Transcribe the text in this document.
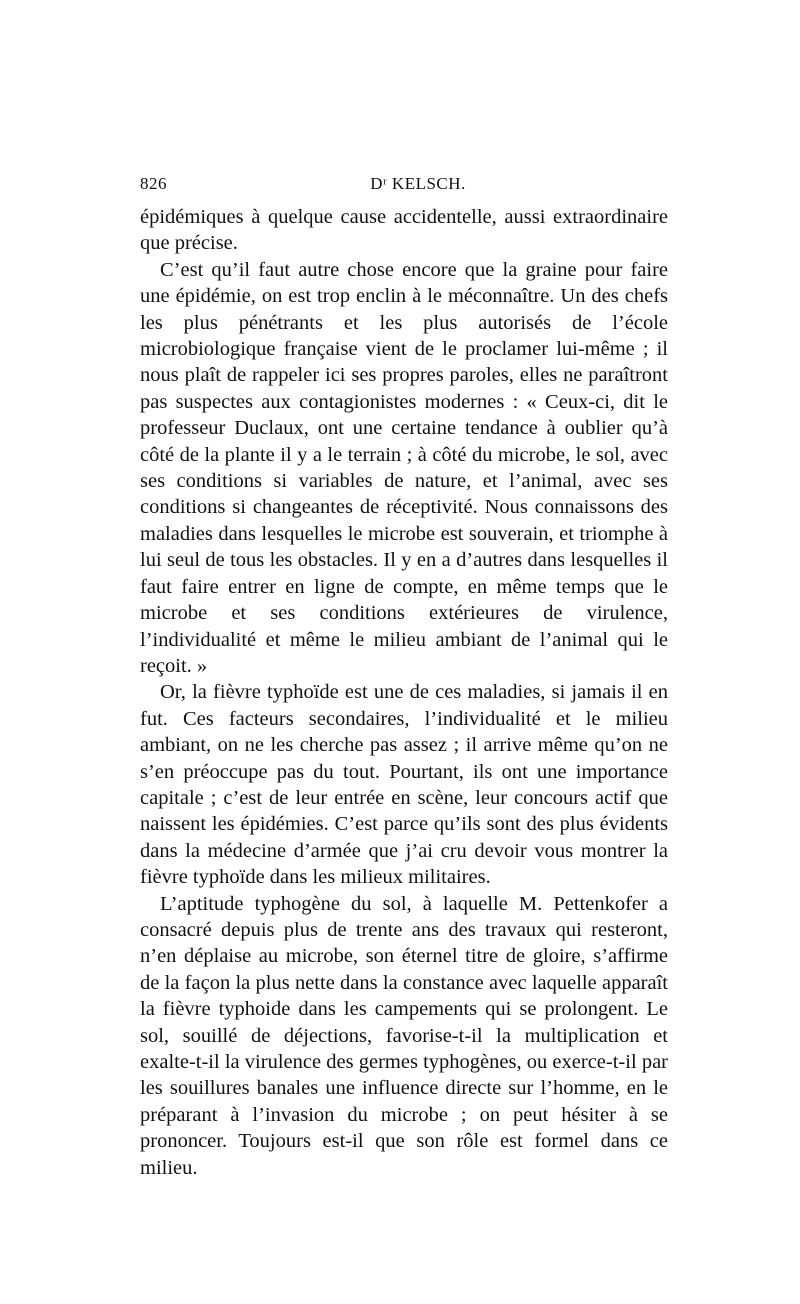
826	Dʳ KELSCH.

épidémiques à quelque cause accidentelle, aussi extraordinaire que précise.

C’est qu’il faut autre chose encore que la graine pour faire une épidémie, on est trop enclin à le méconnaître. Un des chefs les plus pénétrants et les plus autorisés de l’école microbiologique française vient de le proclamer lui-même ; il nous plaît de rappeler ici ses propres paroles, elles ne paraîtront pas suspectes aux contagionistes modernes : « Ceux-ci, dit le professeur Duclaux, ont une certaine tendance à oublier qu’à côté de la plante il y a le terrain ; à côté du microbe, le sol, avec ses conditions si variables de nature, et l’animal, avec ses conditions si changeantes de réceptivité. Nous connaissons des maladies dans lesquelles le microbe est souverain, et triomphe à lui seul de tous les obstacles. Il y en a d’autres dans lesquelles il faut faire entrer en ligne de compte, en même temps que le microbe et ses conditions extérieures de virulence, l’individualité et même le milieu ambiant de l’animal qui le reçoit. »

Or, la fièvre typhoïde est une de ces maladies, si jamais il en fut. Ces facteurs secondaires, l’individualité et le milieu ambiant, on ne les cherche pas assez ; il arrive même qu’on ne s’en préoccupe pas du tout. Pourtant, ils ont une importance capitale ; c’est de leur entrée en scène, leur concours actif que naissent les épidémies. C’est parce qu’ils sont des plus évidents dans la médecine d’armée que j’ai cru devoir vous montrer la fièvre typhoïde dans les milieux militaires.

L’aptitude typhogène du sol, à laquelle M. Pettenkofer a consacré depuis plus de trente ans des travaux qui resteront, n’en déplaise au microbe, son éternel titre de gloire, s’affirme de la façon la plus nette dans la constance avec laquelle apparaît la fièvre typhoide dans les campements qui se prolongent. Le sol, souillé de déjections, favorise-t-il la multiplication et exalte-t-il la virulence des germes typhogènes, ou exerce-t-il par les souillures banales une influence directe sur l’homme, en le préparant à l’invasion du microbe ; on peut hésiter à se prononcer. Toujours est-il que son rôle est formel dans ce milieu.
